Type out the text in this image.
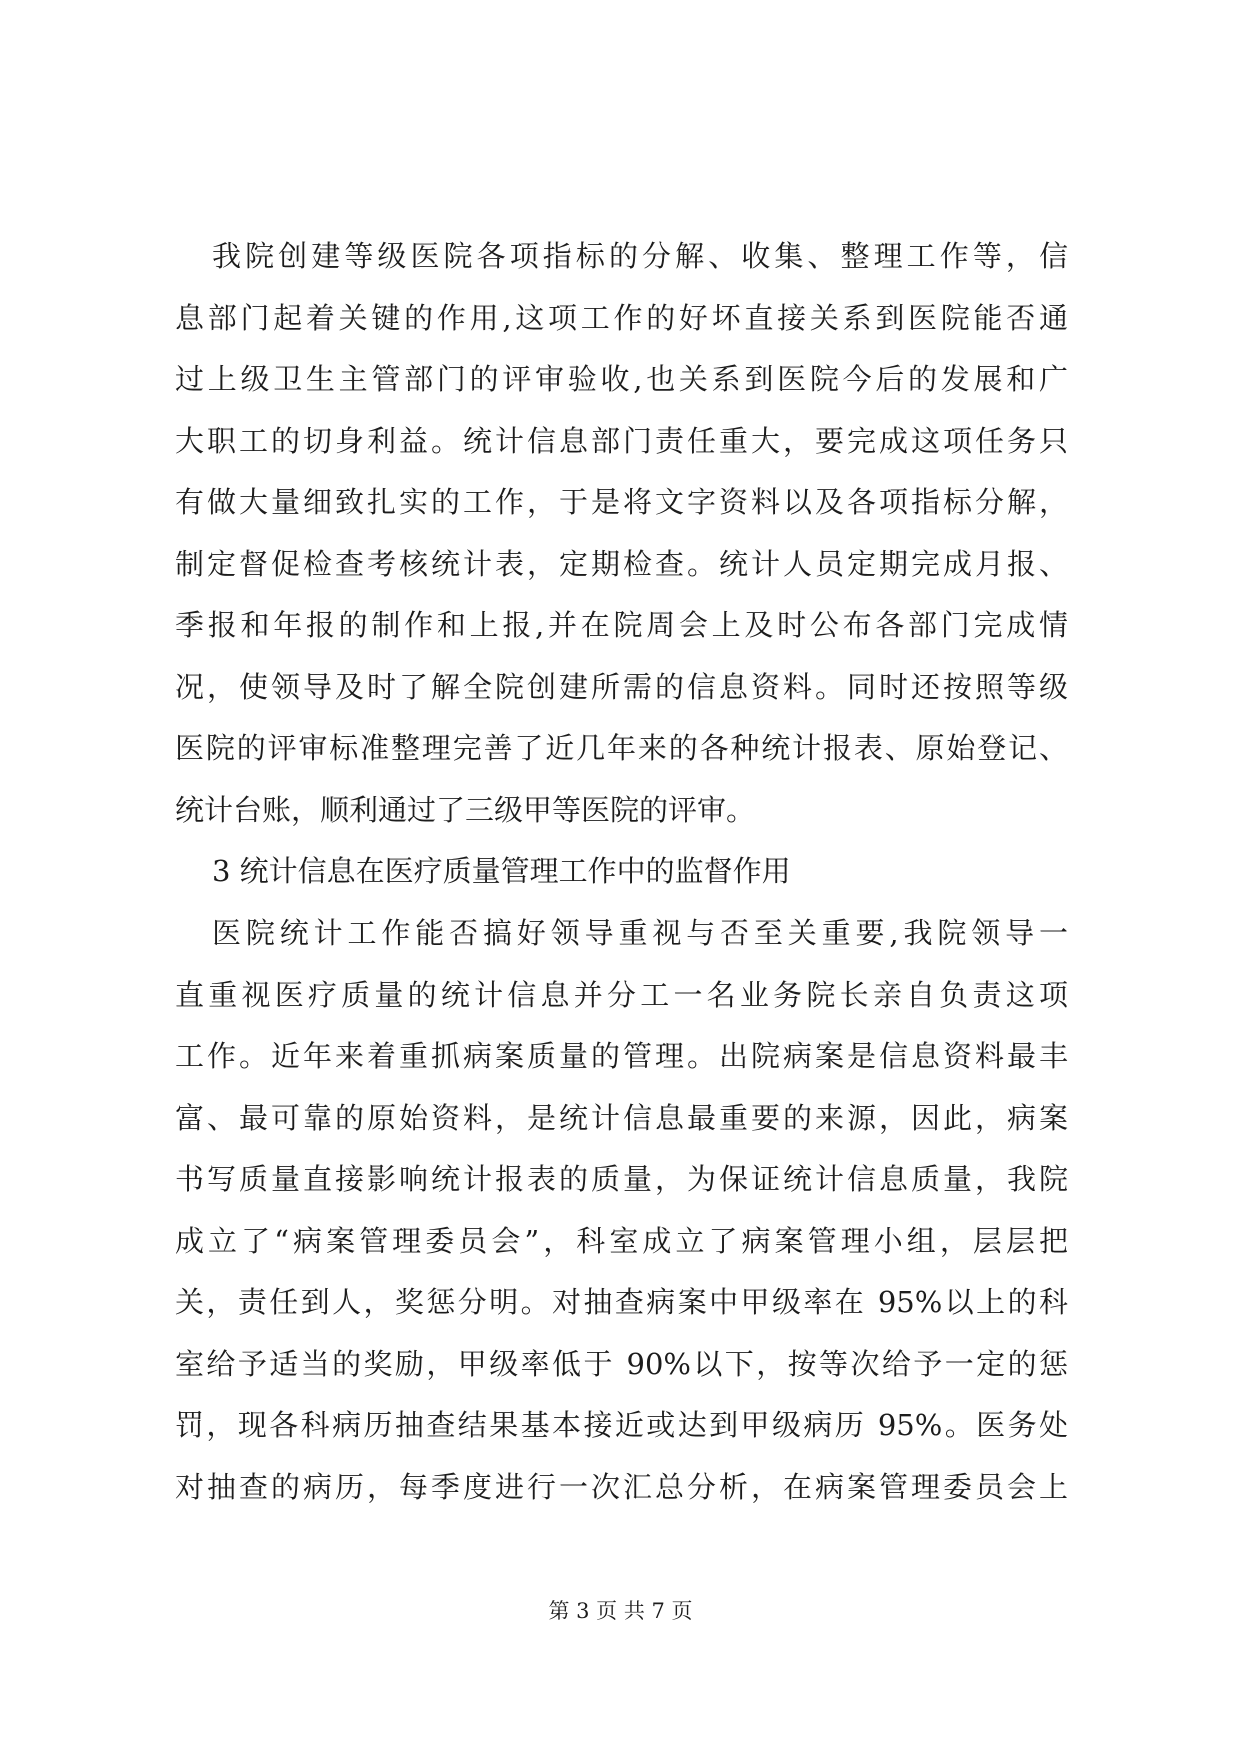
我院创建等级医院各项指标的分解、收集、整理工作等，信
息部门起着关键的作用,这项工作的好坏直接关系到医院能否通
过上级卫生主管部门的评审验收,也关系到医院今后的发展和广
大职工的切身利益。统计信息部门责任重大，要完成这项任务只
有做大量细致扎实的工作，于是将文字资料以及各项指标分解，
制定督促检查考核统计表，定期检查。统计人员定期完成月报、
季报和年报的制作和上报,并在院周会上及时公布各部门完成情
况，使领导及时了解全院创建所需的信息资料。同时还按照等级
医院的评审标准整理完善了近几年来的各种统计报表、原始登记、
统计台账，顺利通过了三级甲等医院的评审。
3 统计信息在医疗质量管理工作中的监督作用
医院统计工作能否搞好领导重视与否至关重要,我院领导一
直重视医疗质量的统计信息并分工一名业务院长亲自负责这项
工作。近年来着重抓病案质量的管理。出院病案是信息资料最丰
富、最可靠的原始资料，是统计信息最重要的来源，因此，病案
书写质量直接影响统计报表的质量，为保证统计信息质量，我院
成立了“病案管理委员会”，科室成立了病案管理小组，层层把
关，责任到人，奖惩分明。对抽查病案中甲级率在 95%以上的科
室给予适当的奖励，甲级率低于 90%以下，按等次给予一定的惩
罚，现各科病历抽查结果基本接近或达到甲级病历 95%。医务处
对抽查的病历，每季度进行一次汇总分析，在病案管理委员会上
第 3 页 共 7 页
